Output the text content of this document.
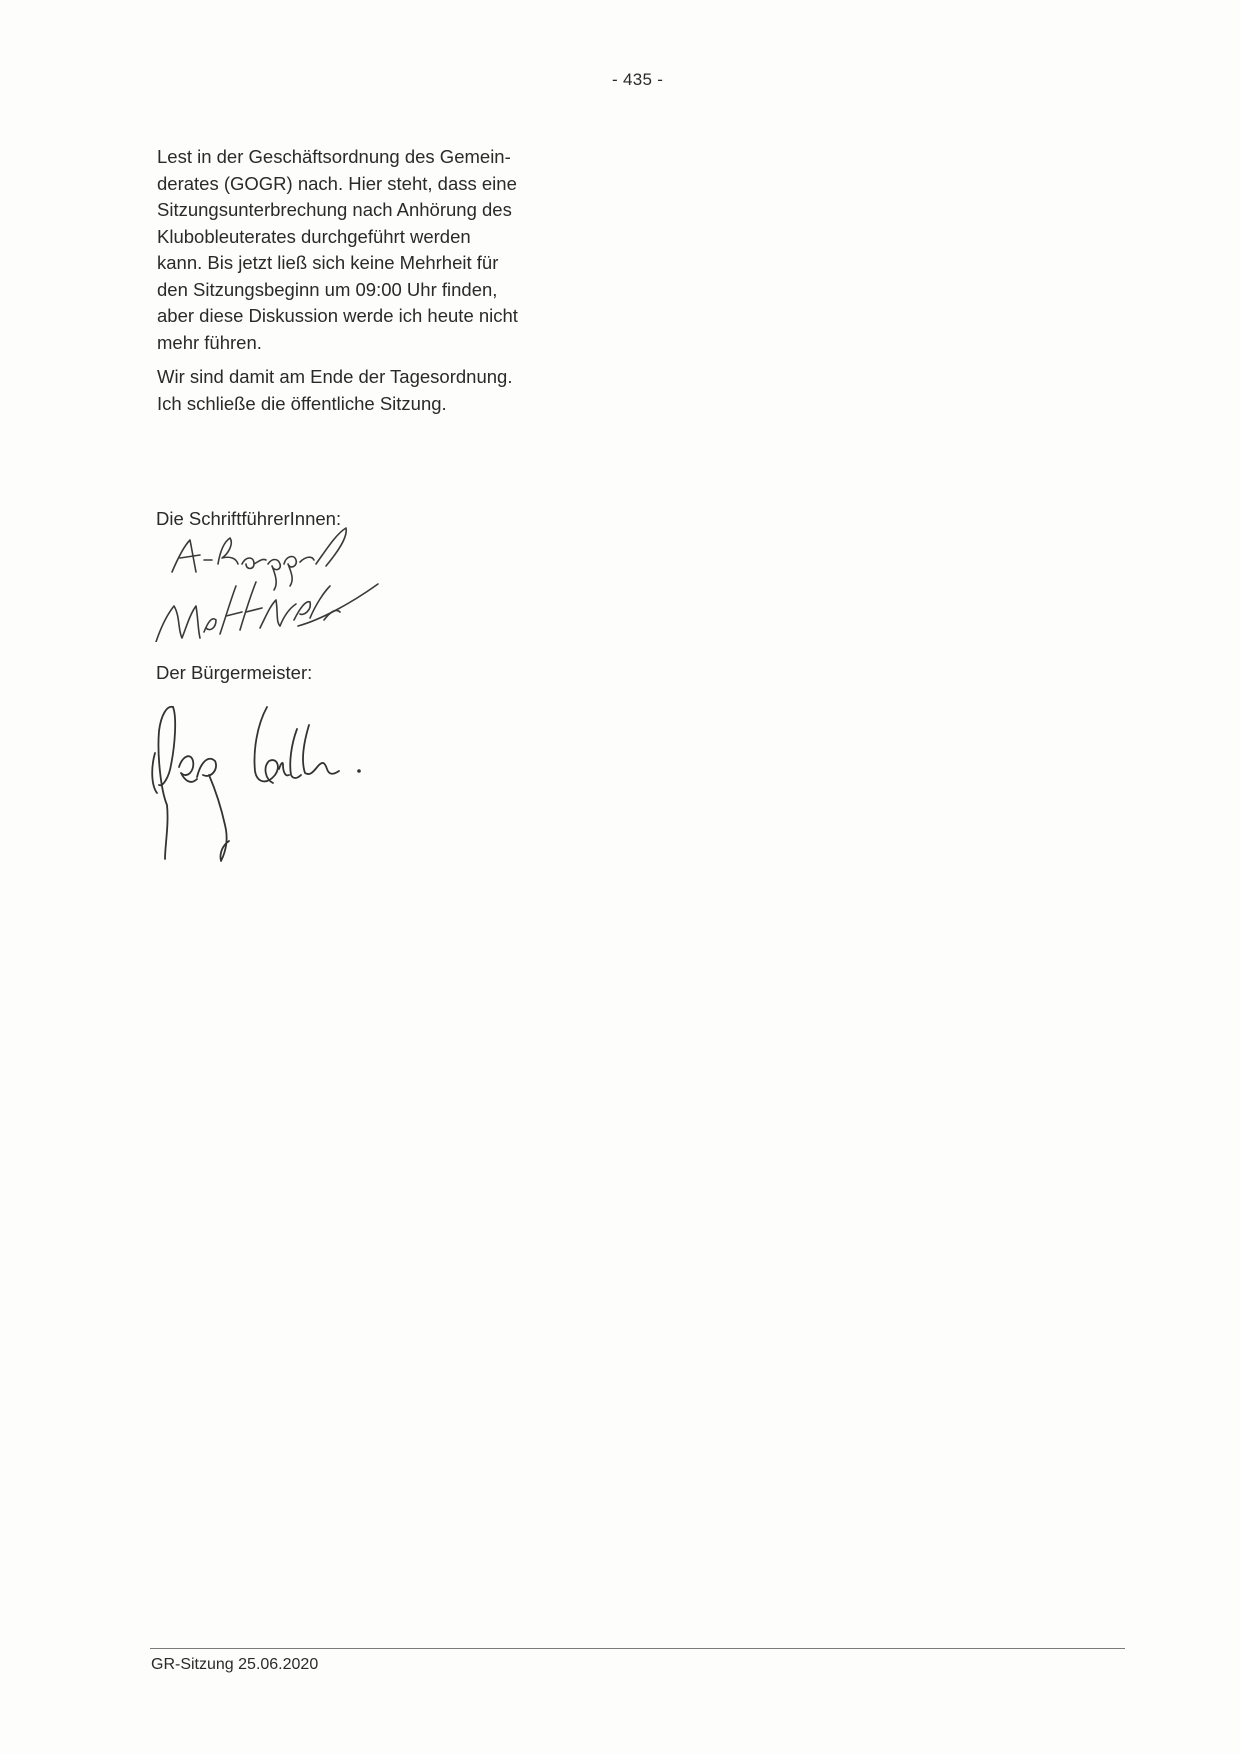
- 435 -

Lest in der Geschäftsordnung des Gemein-
derates (GOGR) nach. Hier steht, dass eine
Sitzungsunterbrechung nach Anhörung des
Klubobleuterates durchgeführt werden
kann. Bis jetzt ließ sich keine Mehrheit für
den Sitzungsbeginn um 09:00 Uhr finden,
aber diese Diskussion werde ich heute nicht
mehr führen.

Wir sind damit am Ende der Tagesordnung.
Ich schließe die öffentliche Sitzung.

Die SchriftführerInnen:
Der Bürgermeister:
GR-Sitzung 25.06.2020
